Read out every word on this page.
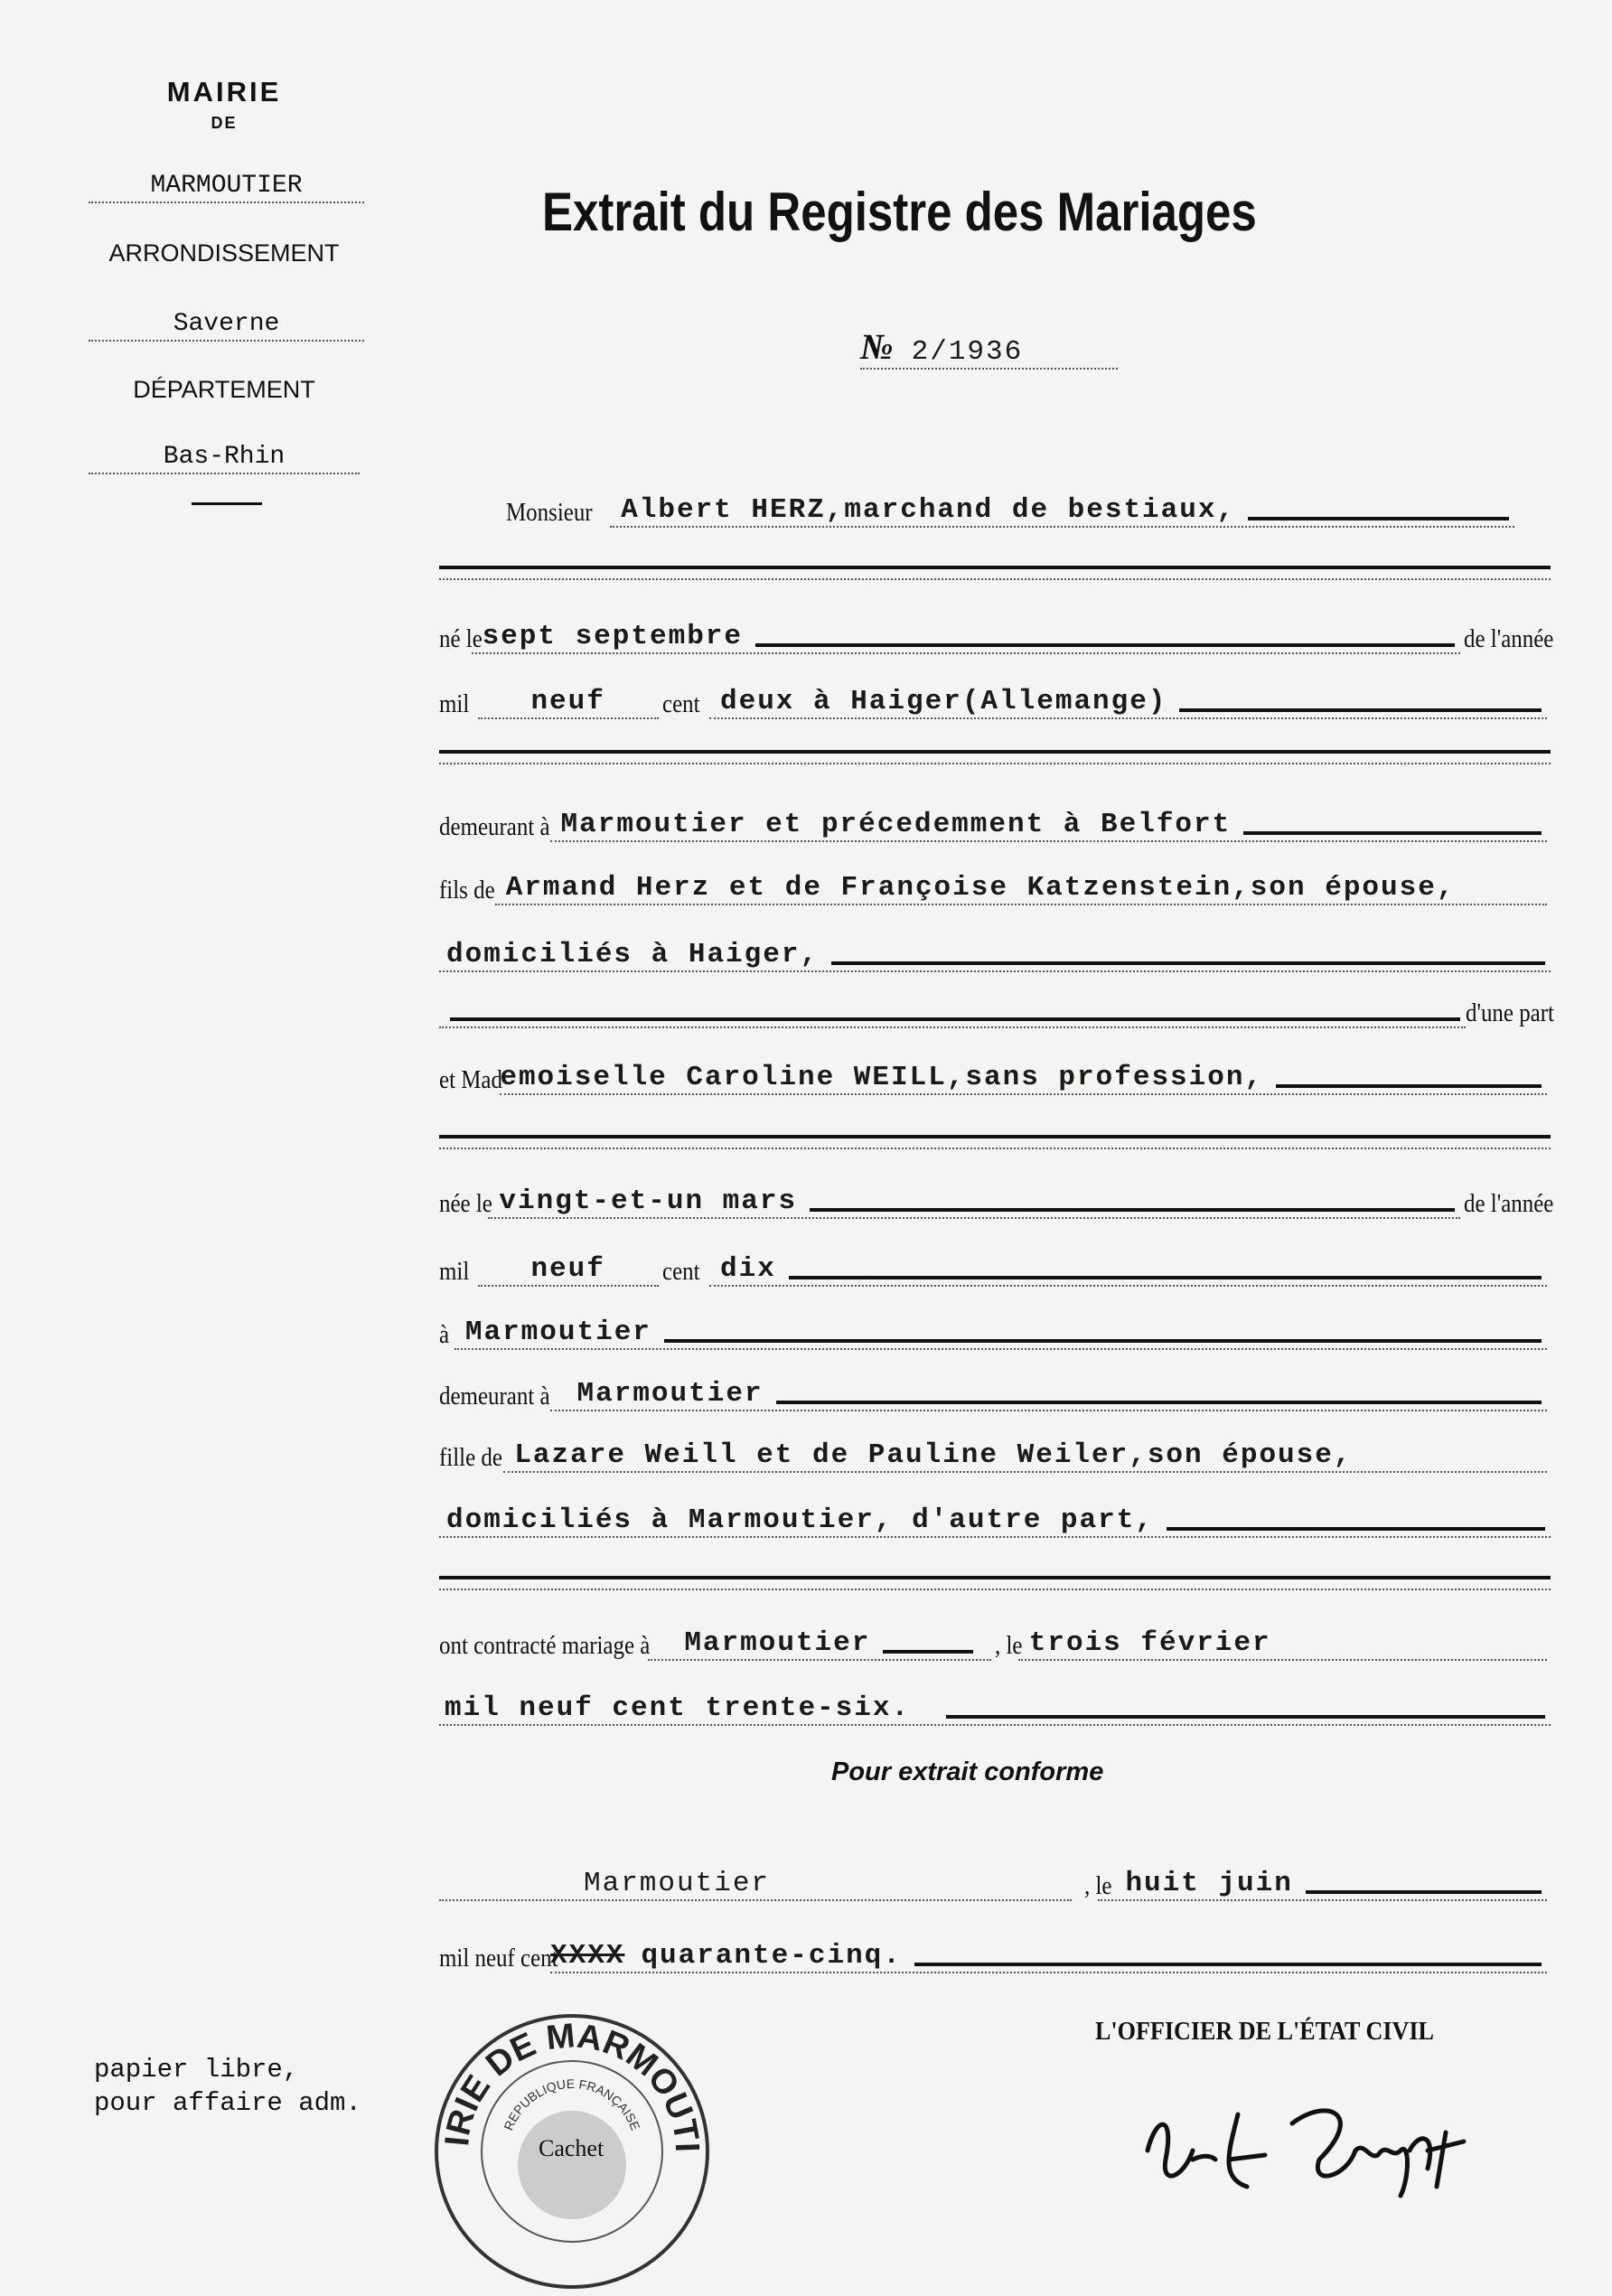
MAIRIE
DE
MARMOUTIER
ARRONDISSEMENT
Saverne
DÉPARTEMENT
Bas-Rhin
Extrait du Registre des Mariages
№ 2/1936
Monsieur Albert HERZ,marchand de bestiaux,
né le sept septembre	de l'année
mil neuf cent deux à Haiger(Allemange)
demeurant à Marmoutier et précedemment à Belfort
fils de Armand Herz et de Françoise Katzenstein,son épouse,
domiciliés à Haiger,
d'une part
et Mad
emoiselle Caroline WEILL,sans profession,
née le vingt-et-un mars	de l'année
mil neuf cent dix
à Marmoutier
demeurant à Marmoutier
fille de Lazare Weill et de Pauline Weiler,son épouse,
domiciliés à Marmoutier, d'autre part,
ont contracté mariage à Marmoutier	, le trois février
mil neuf cent trente-six.
Pour extrait conforme
Marmoutier	, le huit juin
mil neuf cent
XXXX quarante-cinq.
L'OFFICIER DE L'ÉTAT CIVIL
papier libre,
pour affaire adm.
IRIE DE MARMOUTI
REPUBLIQUE FRANÇAISE
Cachet
